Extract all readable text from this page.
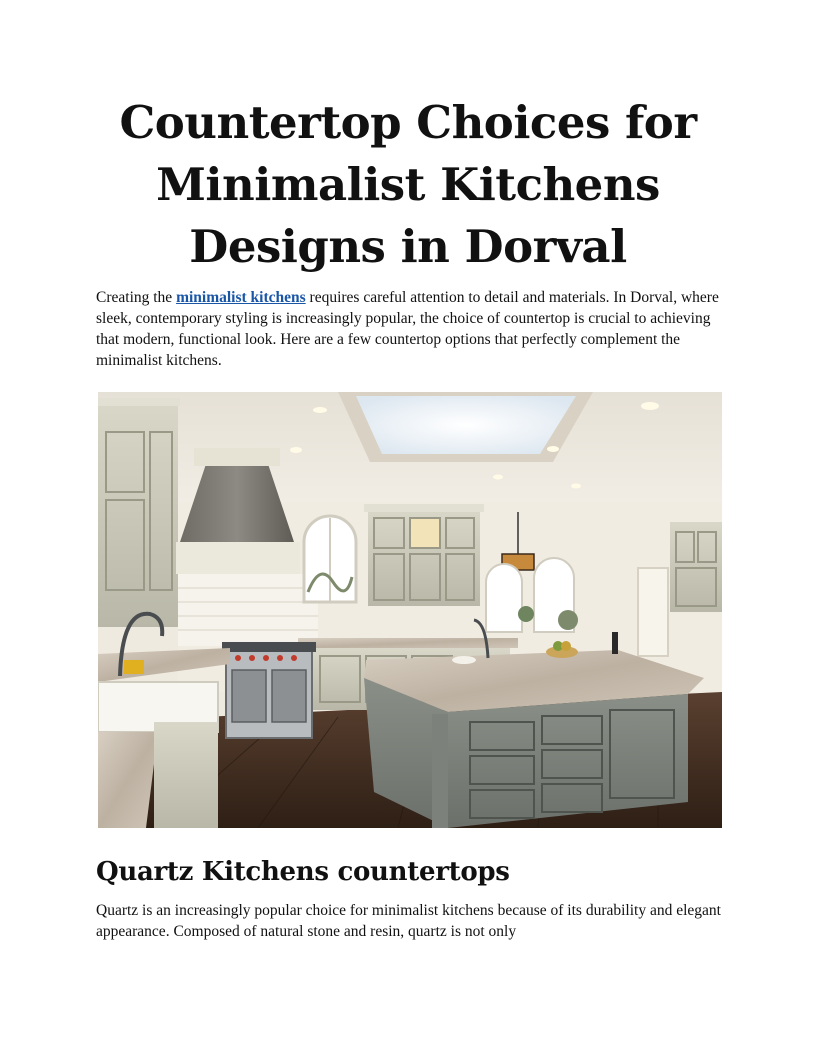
Countertop Choices for Minimalist Kitchens Designs in Dorval

Creating the minimalist kitchens requires careful attention to detail and materials. In Dorval, where sleek, contemporary styling is increasingly popular, the choice of countertop is crucial to achieving that modern, functional look. Here are a few countertop options that perfectly complement the minimalist kitchens.

Quartz Kitchens countertops

Quartz is an increasingly popular choice for minimalist kitchens because of its durability and elegant appearance. Composed of natural stone and resin, quartz is not only
